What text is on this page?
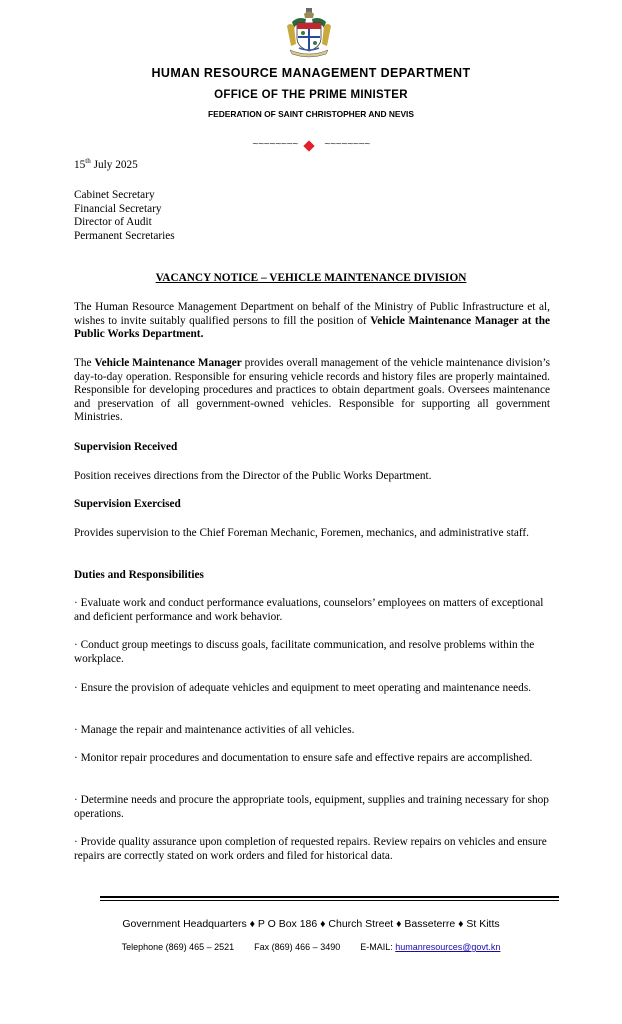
HUMAN RESOURCE MANAGEMENT DEPARTMENT
OFFICE OF THE PRIME MINISTER
FEDERATION OF SAINT CHRISTOPHER AND NEVIS
~~~~~~~~	~~~~~~~~
15th July 2025
Cabinet Secretary
Financial Secretary
Director of Audit
Permanent Secretaries
VACANCY NOTICE – VEHICLE MAINTENANCE DIVISION
The Human Resource Management Department on behalf of the Ministry of Public Infrastructure et al, wishes to invite suitably qualified persons to fill the position of Vehicle Maintenance Manager at the Public Works Department.
The Vehicle Maintenance Manager provides overall management of the vehicle maintenance division’s day-to-day operation. Responsible for ensuring vehicle records and history files are properly maintained. Responsible for developing procedures and practices to obtain department goals. Oversees maintenance and preservation of all government-owned vehicles. Responsible for supporting all government Ministries.
Supervision Received
Position receives directions from the Director of the Public Works Department.
Supervision Exercised
Provides supervision to the Chief Foreman Mechanic, Foremen, mechanics, and administrative staff.
Duties and Responsibilities
· Evaluate work and conduct performance evaluations, counselors’ employees on matters of exceptional and deficient performance and work behavior.
· Conduct group meetings to discuss goals, facilitate communication, and resolve problems within the workplace.
· Ensure the provision of adequate vehicles and equipment to meet operating and maintenance needs.
· Manage the repair and maintenance activities of all vehicles.
· Monitor repair procedures and documentation to ensure safe and effective repairs are accomplished.
· Determine needs and procure the appropriate tools, equipment, supplies and training necessary for shop operations.
· Provide quality assurance upon completion of requested repairs. Review repairs on vehicles and ensure repairs are correctly stated on work orders and filed for historical data.
Government Headquarters ♦ P O Box 186 ♦ Church Street ♦ Basseterre ♦ St Kitts
Telephone (869) 465 – 2521 Fax (869) 466 – 3490 E-MAIL: humanresources@govt.kn
